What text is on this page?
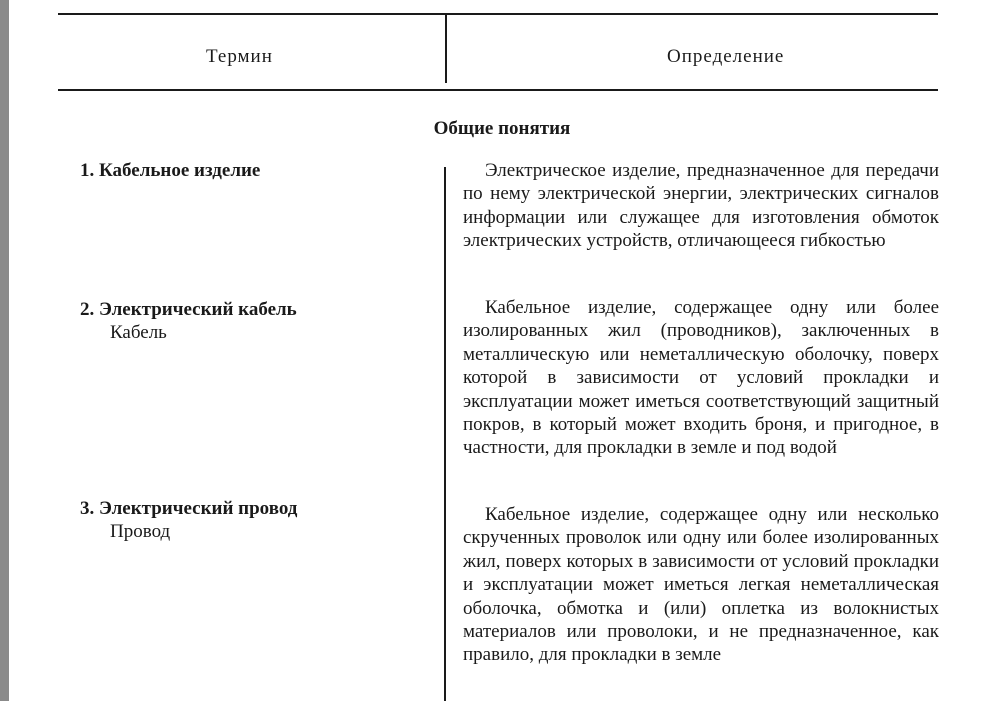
Термин	Определение
Общие понятия
1. Кабельное изделие	Электрическое изделие, предназначенное для передачи по нему электрической энергии, электрических сигналов информации или служащее для изготовления обмоток электрических устройств, отличающееся гибкостью
2. Электрический кабель
Кабель
Кабельное изделие, содержащее одну или более изолированных жил (проводников), заключенных в металлическую или неметаллическую оболочку, поверх которой в зависимости от условий прокладки и эксплуатации может иметься соответствующий защитный покров, в который может входить броня, и пригодное, в частности, для прокладки в земле и под водой
3. Электрический провод
Провод
Кабельное изделие, содержащее одну или несколько скрученных проволок или одну или более изолированных жил, поверх которых в зависимости от условий прокладки и эксплуатации может иметься легкая неметаллическая оболочка, обмотка и (или) оплетка из волокнистых материалов или проволоки, и не предназначенное, как правило, для прокладки в земле
